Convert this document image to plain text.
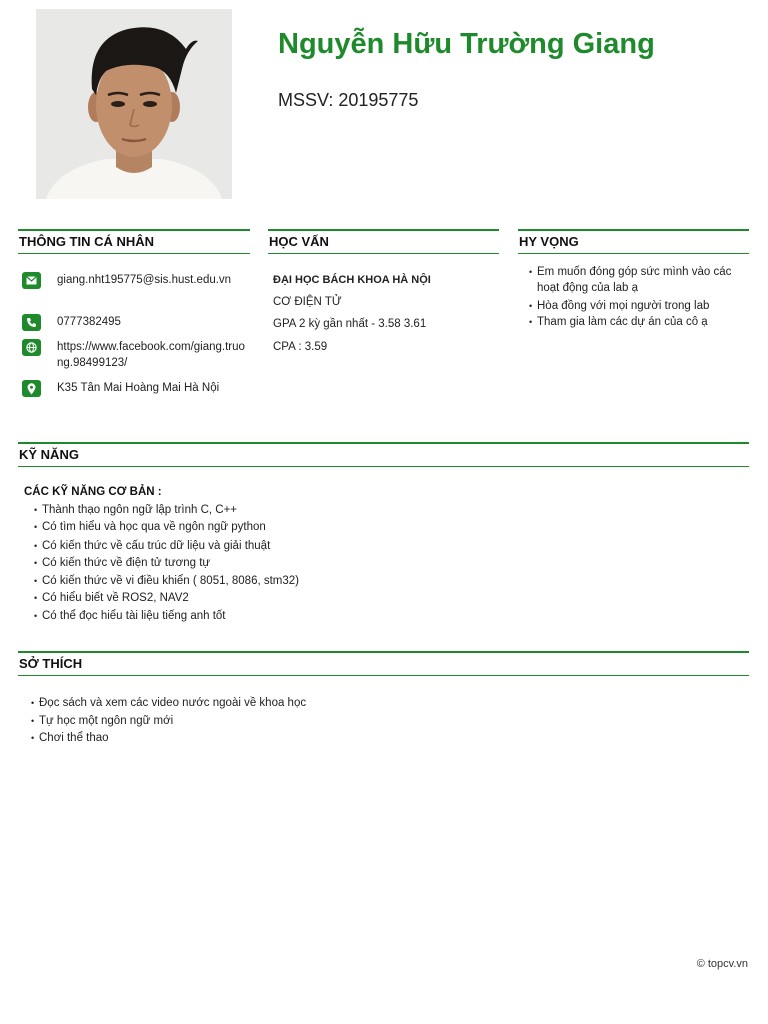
Nguyễn Hữu Trường Giang
MSSV: 20195775
THÔNG TIN CÁ NHÂN
giang.nht195775@sis.hust.edu.vn
0777382495
https://www.facebook.com/giang.truong.98499123/
K35 Tân Mai Hoàng Mai Hà Nội
HỌC VẤN
ĐẠI HỌC BÁCH KHOA HÀ NỘI
CƠ ĐIỆN TỬ
GPA 2 kỳ gần nhất - 3.58 3.61
CPA : 3.59
HY VỌNG
• Em muốn đóng góp sức mình vào các hoạt động của lab ạ
• Hòa đồng với mọi người trong lab
• Tham gia làm các dự án của cô ạ
KỸ NĂNG
CÁC KỸ NĂNG CƠ BẢN :
• Thành thạo ngôn ngữ lập trình C, C++
• Có tìm hiểu và học qua về ngôn ngữ python
• Có kiến thức về cấu trúc dữ liệu và giải thuật
• Có kiến thức về điện tử tương tự
• Có kiến thức về vi điều khiển ( 8051, 8086, stm32)
• Có hiểu biết về ROS2, NAV2
• Có thể đọc hiểu tài liệu tiếng anh tốt
SỞ THÍCH
• Đọc sách và xem các video nước ngoài về khoa học
• Tự học một ngôn ngữ mới
• Chơi thể thao
© topcv.vn
